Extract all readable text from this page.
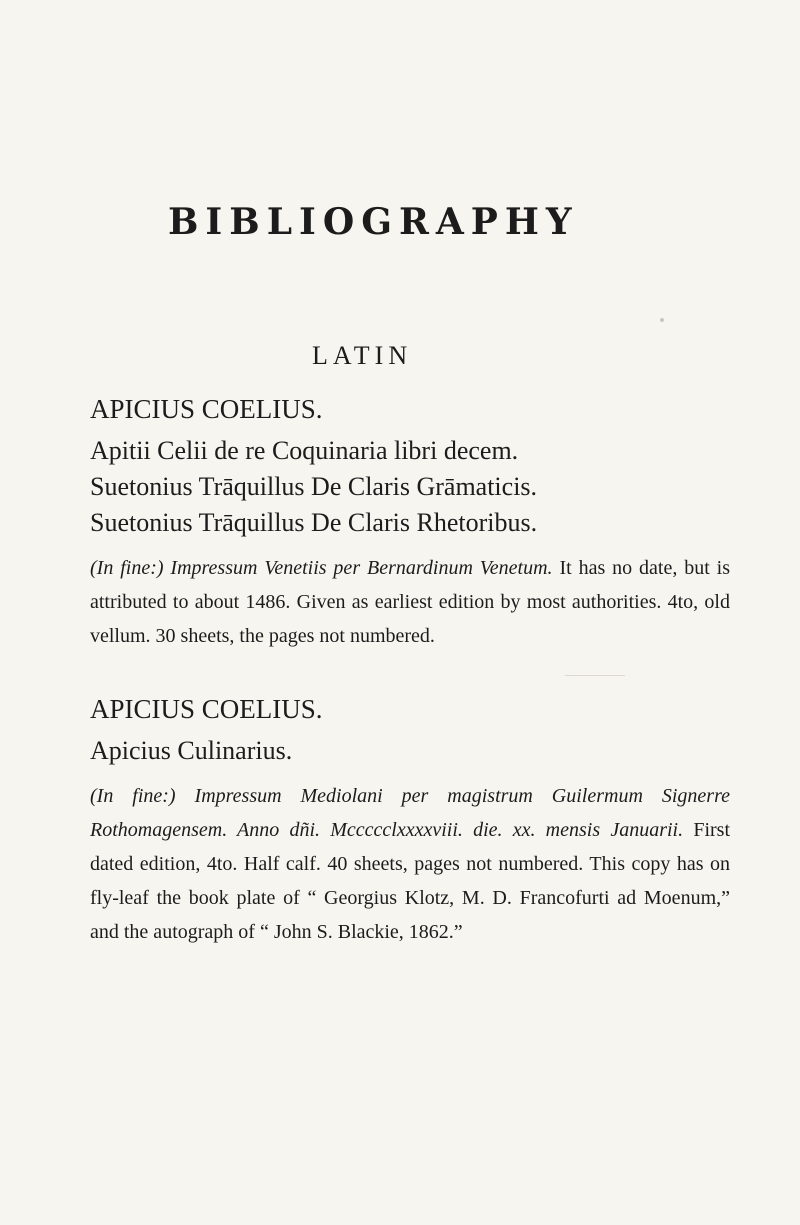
BIBLIOGRAPHY
LATIN
APICIUS COELIUS.
Apitii Celii de re Coquinaria libri decem.
Suetonius Trāquillus De Claris Grāmaticis.
Suetonius Trāquillus De Claris Rhetoribus.

(In fine:) Impressum Venetiis per Bernardinum Venetum. It has no date, but is attributed to about 1486. Given as earliest edition by most authorities. 4to, old vellum. 30 sheets, the pages not numbered.

APICIUS COELIUS.
Apicius Culinarius.

(In fine:) Impressum Mediolani per magistrum Guilermum Signerre Rothomagensem. Anno dñi. Mccccclxxxxviii. die. xx. mensis Januarii. First dated edition, 4to. Half calf. 40 sheets, pages not numbered. This copy has on fly-leaf the book plate of “ Georgius Klotz, M. D. Francofurti ad Moenum,” and the autograph of “ John S. Blackie, 1862.”
